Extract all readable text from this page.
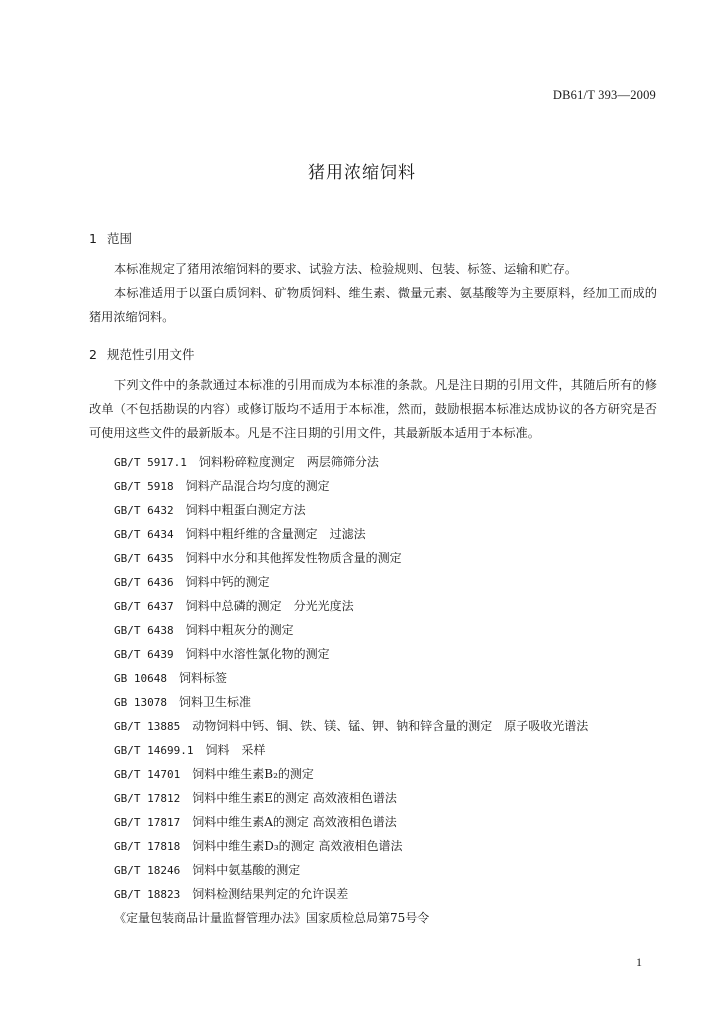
DB61/T 393—2009
猪用浓缩饲料
1 范围
本标准规定了猪用浓缩饲料的要求、试验方法、检验规则、包装、标签、运输和贮存。
本标准适用于以蛋白质饲料、矿物质饲料、维生素、微量元素、氨基酸等为主要原料，经加工而成的猪用浓缩饲料。
2 规范性引用文件
下列文件中的条款通过本标准的引用而成为本标准的条款。凡是注日期的引用文件，其随后所有的修改单（不包括勘误的内容）或修订版均不适用于本标准，然而，鼓励根据本标准达成协议的各方研究是否可使用这些文件的最新版本。凡是不注日期的引用文件，其最新版本适用于本标准。
GB/T 5917.1　 饲料粉碎粒度测定　两层筛筛分法
GB/T 5918　 饲料产品混合均匀度的测定
GB/T 6432　 饲料中粗蛋白测定方法
GB/T 6434　 饲料中粗纤维的含量测定　过滤法
GB/T 6435　 饲料中水分和其他挥发性物质含量的测定
GB/T 6436　 饲料中钙的测定
GB/T 6437　 饲料中总磷的测定　分光光度法
GB/T 6438　 饲料中粗灰分的测定
GB/T 6439　 饲料中水溶性氯化物的测定
GB 10648　 饲料标签
GB 13078　 饲料卫生标准
GB/T 13885　 动物饲料中钙、铜、铁、镁、锰、钾、钠和锌含量的测定　原子吸收光谱法
GB/T 14699.1　 饲料　采样
GB/T 14701　 饲料中维生素B₂的测定
GB/T 17812　 饲料中维生素E的测定 高效液相色谱法
GB/T 17817　 饲料中维生素A的测定 高效液相色谱法
GB/T 17818　 饲料中维生素D₃的测定 高效液相色谱法
GB/T 18246　 饲料中氨基酸的测定
GB/T 18823　 饲料检测结果判定的允许误差
《定量包装商品计量监督管理办法》国家质检总局第75号令
1
